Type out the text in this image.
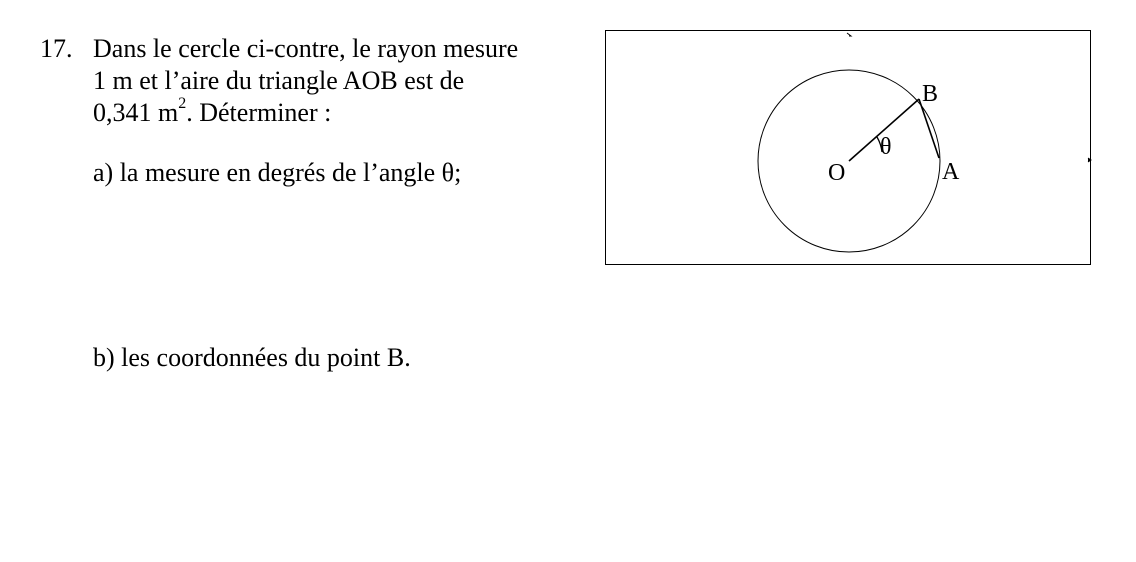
17. Dans le cercle ci-contre, le rayon mesure
1 m et l’aire du triangle AOB est de
0,341 $m^2$. Déterminer :
a) la mesure en degrés de l’angle θ;
b) les coordonnées du point B.
O
B
A
θ
